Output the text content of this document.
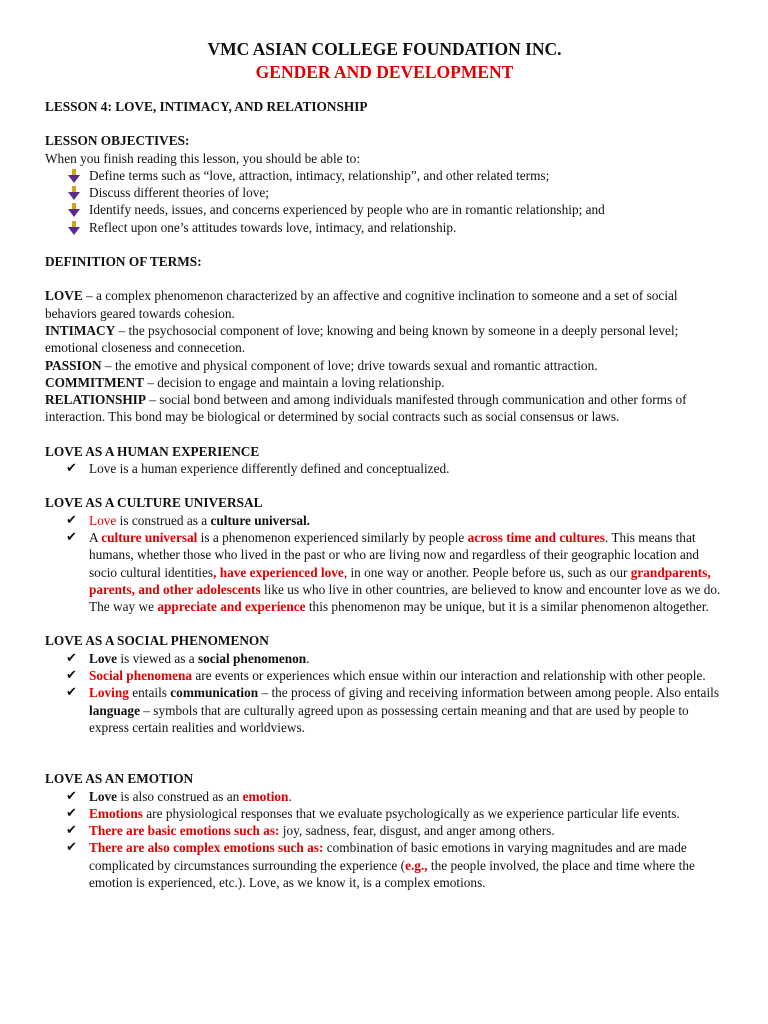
VMC ASIAN COLLEGE FOUNDATION INC.
GENDER AND DEVELOPMENT
LESSON 4: LOVE, INTIMACY, AND RELATIONSHIP
LESSON OBJECTIVES:
When you finish reading this lesson, you should be able to:
Define terms such as “love, attraction, intimacy, relationship”, and other related terms;
Discuss different theories of love;
Identify needs, issues, and concerns experienced by people who are in romantic relationship; and
Reflect upon one’s attitudes towards love, intimacy, and relationship.
DEFINITION OF TERMS:
LOVE – a complex phenomenon characterized by an affective and cognitive inclination to someone and a set of social behaviors geared towards cohesion.
INTIMACY – the psychosocial component of love; knowing and being known by someone in a deeply personal level; emotional closeness and connecetion.
PASSION – the emotive and physical component of love; drive towards sexual and romantic attraction.
COMMITMENT – decision to engage and maintain a loving relationship.
RELATIONSHIP – social bond between and among individuals manifested through communication and other forms of interaction. This bond may be biological or determined by social contracts such as social consensus or laws.
LOVE AS A HUMAN EXPERIENCE
✔ Love is a human experience differently defined and conceptualized.
LOVE AS A CULTURE UNIVERSAL
✔ Love is construed as a culture universal.
✔ A culture universal is a phenomenon experienced similarly by people across time and cultures. This means that humans, whether those who lived in the past or who are living now and regardless of their geographic location and socio cultural identities, have experienced love, in one way or another. People before us, such as our grandparents, parents, and other adolescents like us who live in other countries, are believed to know and encounter love as we do. The way we appreciate and experience this phenomenon may be unique, but it is a similar phenomenon altogether.
LOVE AS A SOCIAL PHENOMENON
✔ Love is viewed as a social phenomenon.
✔ Social phenomena are events or experiences which ensue within our interaction and relationship with other people.
✔ Loving entails communication – the process of giving and receiving information between among people. Also entails language – symbols that are culturally agreed upon as possessing certain meaning and that are used by people to express certain realities and worldviews.
LOVE AS AN EMOTION
✔ Love is also construed as an emotion.
✔ Emotions are physiological responses that we evaluate psychologically as we experience particular life events.
✔ There are basic emotions such as: joy, sadness, fear, disgust, and anger among others.
✔ There are also complex emotions such as: combination of basic emotions in varying magnitudes and are made complicated by circumstances surrounding the experience (e.g., the people involved, the place and time where the emotion is experienced, etc.). Love, as we know it, is a complex emotions.
